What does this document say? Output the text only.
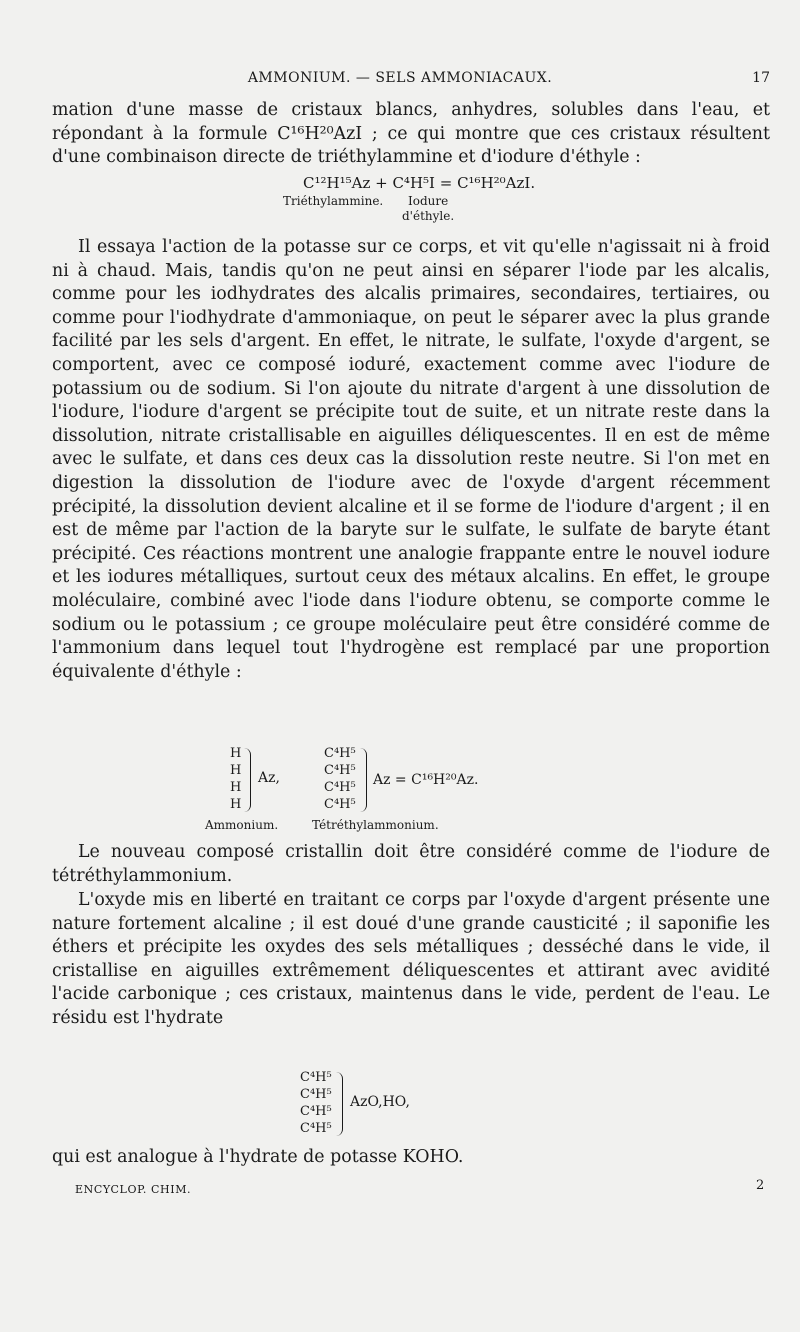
AMMONIUM. — SELS AMMONIACAUX.	17

mation d'une masse de cristaux blancs, anhydres, solubles dans l'eau, et répondant à la formule C¹⁶H²⁰AzI ; ce qui montre que ces cristaux résultent d'une combinaison directe de triéthylammine et d'iodure d'éthyle :

C¹²H¹⁵Az + C⁴H⁵I = C¹⁶H²⁰AzI.
Triéthylammine. Iodure
d'éthyle.

Il essaya l'action de la potasse sur ce corps, et vit qu'elle n'agissait ni à froid ni à chaud. Mais, tandis qu'on ne peut ainsi en séparer l'iode par les alcalis, comme pour les iodhydrates des alcalis primaires, secondaires, tertiaires, ou comme pour l'iodhydrate d'ammoniaque, on peut le séparer avec la plus grande facilité par les sels d'argent. En effet, le nitrate, le sulfate, l'oxyde d'argent, se comportent, avec ce composé ioduré, exactement comme avec l'iodure de potassium ou de sodium. Si l'on ajoute du nitrate d'argent à une dissolution de l'iodure, l'iodure d'argent se précipite tout de suite, et un nitrate reste dans la dissolution, nitrate cristallisable en aiguilles déliquescentes. Il en est de même avec le sulfate, et dans ces deux cas la dissolution reste neutre. Si l'on met en digestion la dissolution de l'iodure avec de l'oxyde d'argent récemment précipité, la dissolution devient alcaline et il se forme de l'iodure d'argent ; il en est de même par l'action de la baryte sur le sulfate, le sulfate de baryte étant précipité. Ces réactions montrent une analogie frappante entre le nouvel iodure et les iodures métalliques, surtout ceux des métaux alcalins. En effet, le groupe moléculaire, combiné avec l'iode dans l'iodure obtenu, se comporte comme le sodium ou le potassium ; ce groupe moléculaire peut être considéré comme de l'ammonium dans lequel tout l'hydrogène est remplacé par une proportion équivalente d'éthyle :

H
H
H
H
Az,
C⁴H⁵
C⁴H⁵
C⁴H⁵
C⁴H⁵
Az = C¹⁶H²⁰Az.
Ammonium.	Tétréthylammonium.

Le nouveau composé cristallin doit être considéré comme de l'iodure de tétréthylammonium.

L'oxyde mis en liberté en traitant ce corps par l'oxyde d'argent présente une nature fortement alcaline ; il est doué d'une grande causticité ; il saponifie les éthers et précipite les oxydes des sels métalliques ; desséché dans le vide, il cristallise en aiguilles extrêmement déliquescentes et attirant avec avidité l'acide carbonique ; ces cristaux, maintenus dans le vide, perdent de l'eau. Le résidu est l'hydrate

C⁴H⁵
C⁴H⁵
C⁴H⁵
C⁴H⁵
AzO,HO,

qui est analogue à l'hydrate de potasse KOHO.

ENCYCLOP. CHIM.	2
